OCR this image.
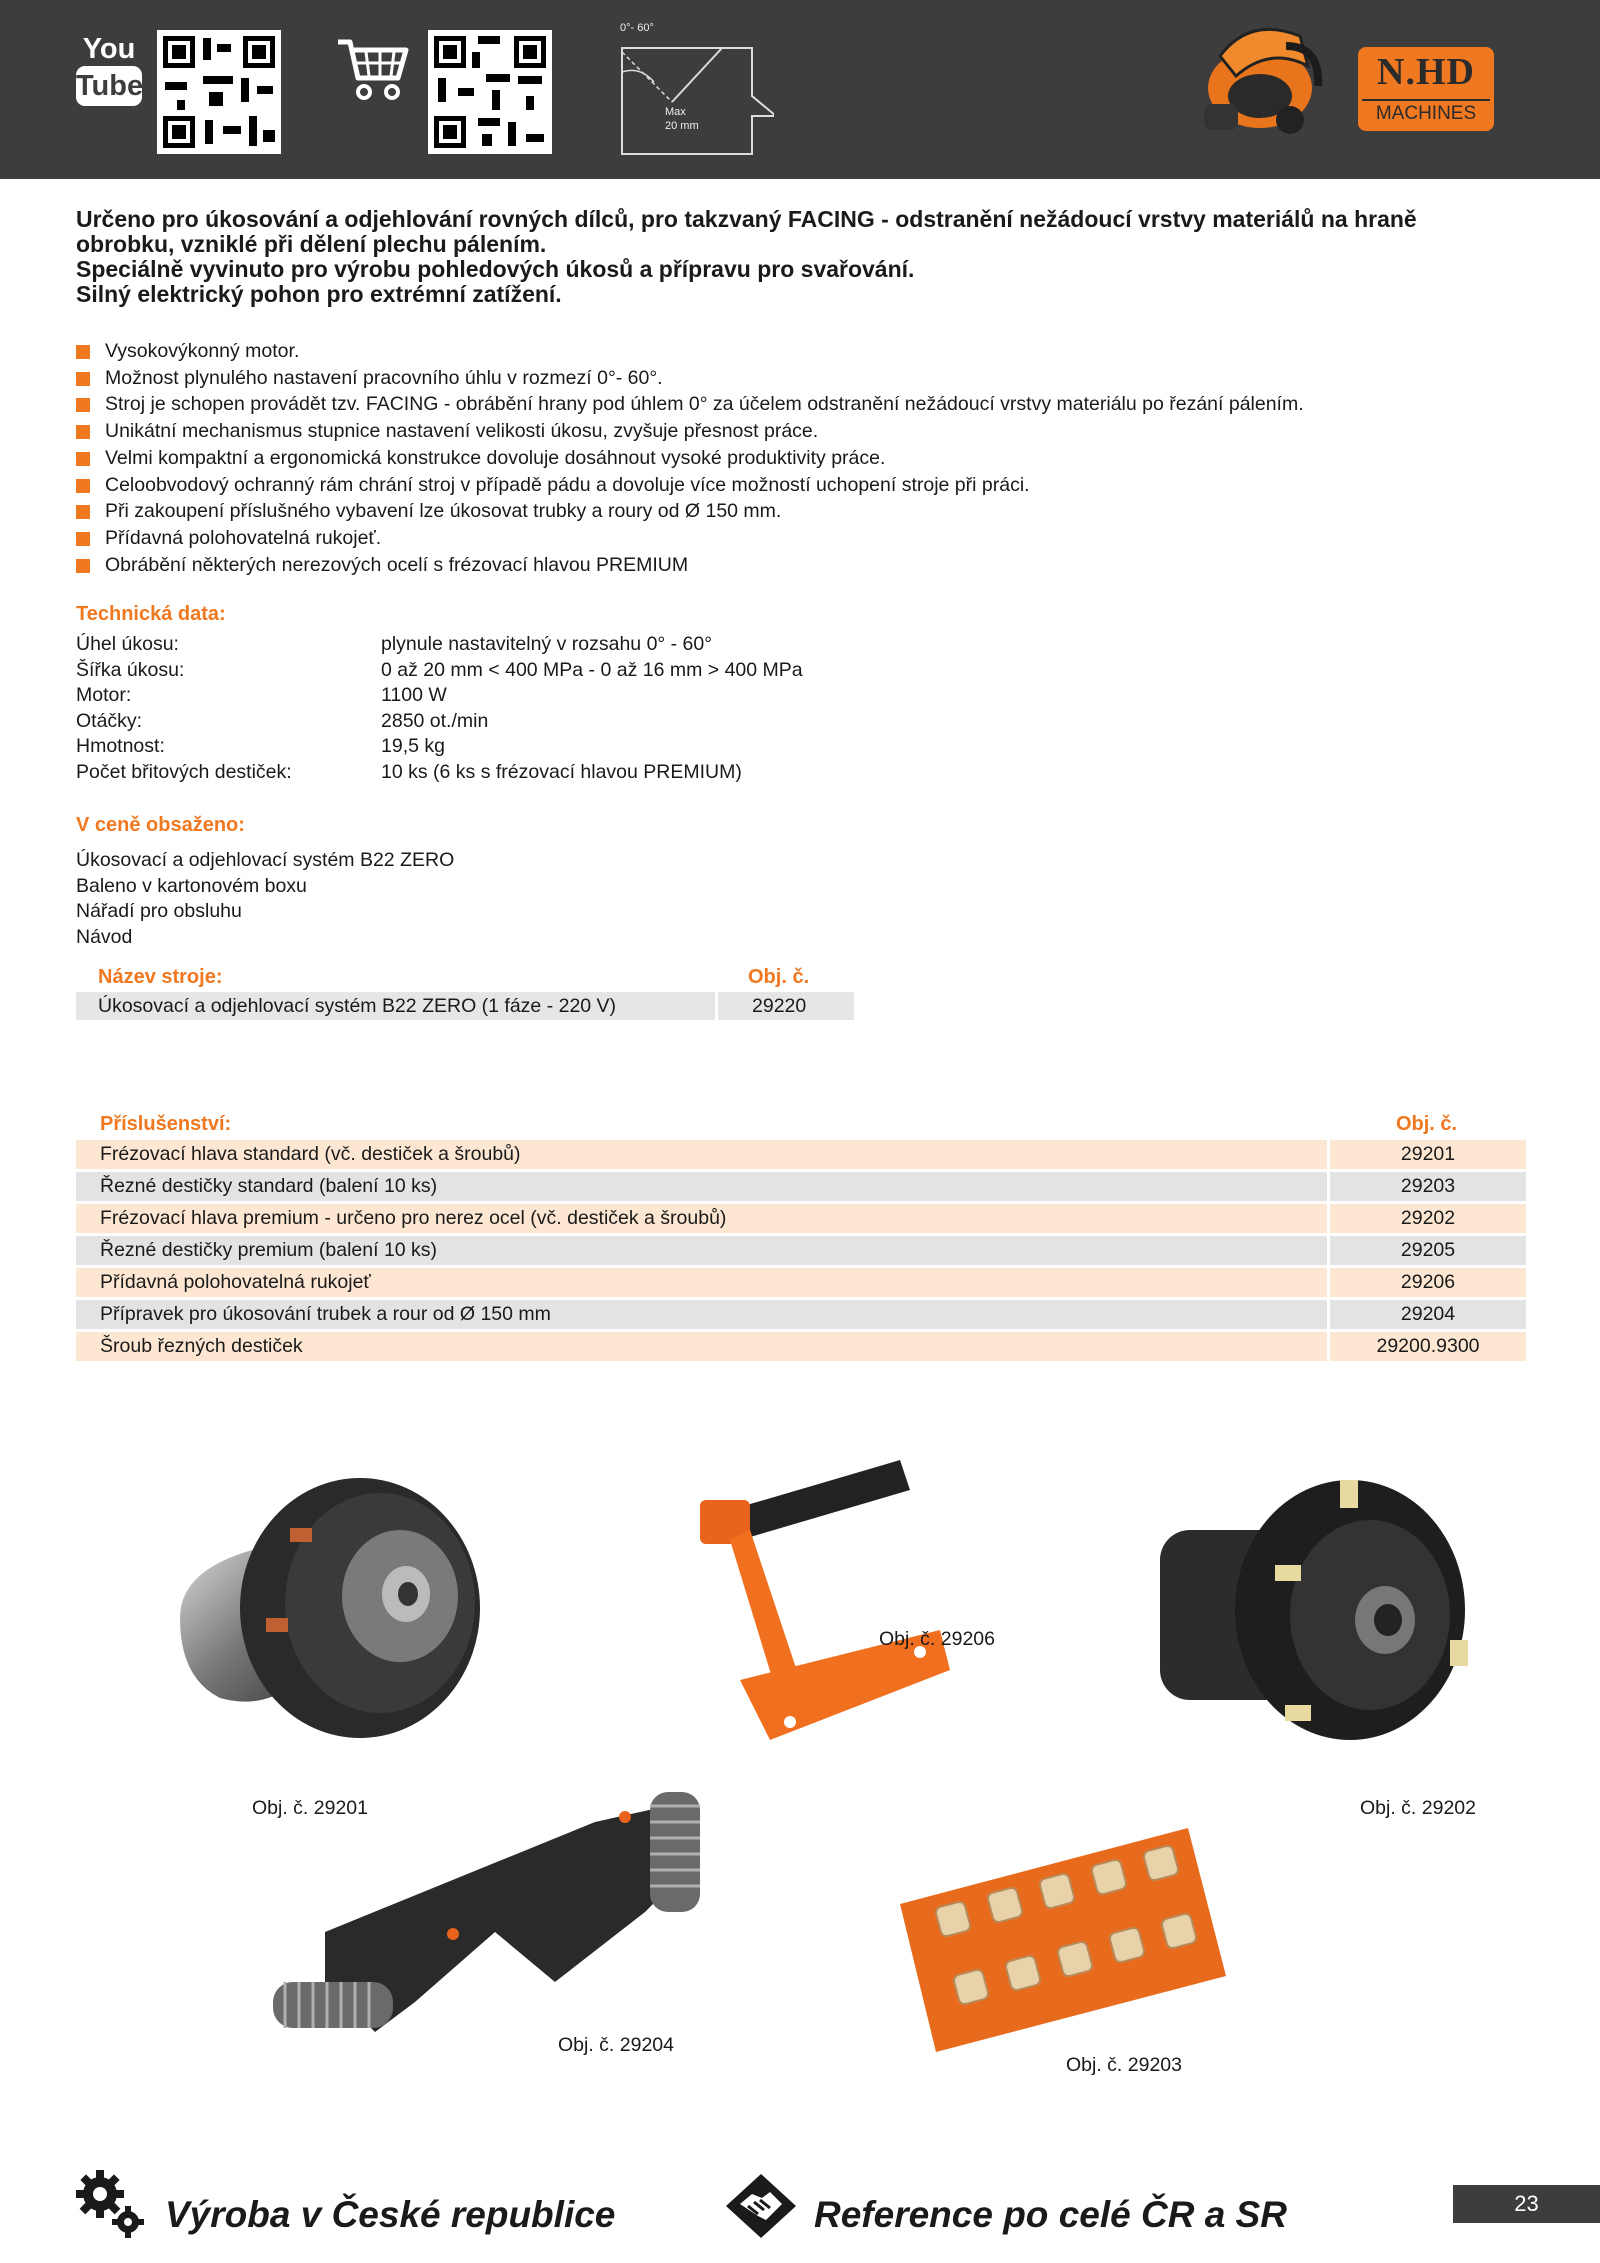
You
Tube
0°- 60°
Max
20 mm
N.HD
MACHINES
Určeno pro úkosování a odjehlování rovných dílců, pro takzvaný FACING - odstranění nežádoucí vrstvy materiálů na hraně obrobku, vzniklé při dělení plechu pálením.
Speciálně vyvinuto pro výrobu pohledových úkosů a přípravu pro svařování.
Silný elektrický pohon pro extrémní zatížení.
Vysokovýkonný motor.
Možnost plynulého nastavení pracovního úhlu v rozmezí 0°- 60°.
Stroj je schopen provádět tzv. FACING - obrábění hrany pod úhlem 0° za účelem odstranění nežádoucí vrstvy materiálu po řezání pálením.
Unikátní mechanismus stupnice nastavení velikosti úkosu, zvyšuje přesnost práce.
Velmi kompaktní a ergonomická konstrukce dovoluje dosáhnout vysoké produktivity práce.
Celoobvodový ochranný rám chrání stroj v případě pádu a dovoluje více možností uchopení stroje při práci.
Při zakoupení příslušného vybavení lze úkosovat trubky a roury od Ø 150 mm.
Přídavná polohovatelná rukojeť.
Obrábění některých nerezových ocelí s frézovací hlavou PREMIUM
Technická data:
Úhel úkosu:	plynule nastavitelný v rozsahu 0° - 60°
Šířka úkosu:	0 až 20 mm < 400 MPa - 0 až 16 mm > 400 MPa
Motor:	1100 W
Otáčky:	2850 ot./min
Hmotnost:	19,5 kg
Počet břitových destiček:	10 ks (6 ks s frézovací hlavou PREMIUM)
V ceně obsaženo:
Úkosovací a odjehlovací systém B22 ZERO
Baleno v kartonovém boxu
Nářadí pro obsluhu
Návod
Název stroje:	Obj. č.
Úkosovací a odjehlovací systém B22 ZERO (1 fáze - 220 V)	29220
Příslušenství:	Obj. č.
Frézovací hlava standard (vč. destiček a šroubů)	29201
Řezné destičky standard (balení 10 ks)	29203
Frézovací hlava premium - určeno pro nerez ocel (vč. destiček a šroubů)	29202
Řezné destičky premium (balení 10 ks)	29205
Přídavná polohovatelná rukojeť	29206
Přípravek pro úkosování trubek a rour od Ø 150 mm	29204
Šroub řezných destiček	29200.9300
Obj. č. 29201
Obj. č. 29206
Obj. č. 29202
Obj. č. 29204
Obj. č. 29203
Výroba v České republice	Reference po celé ČR a SR	23
